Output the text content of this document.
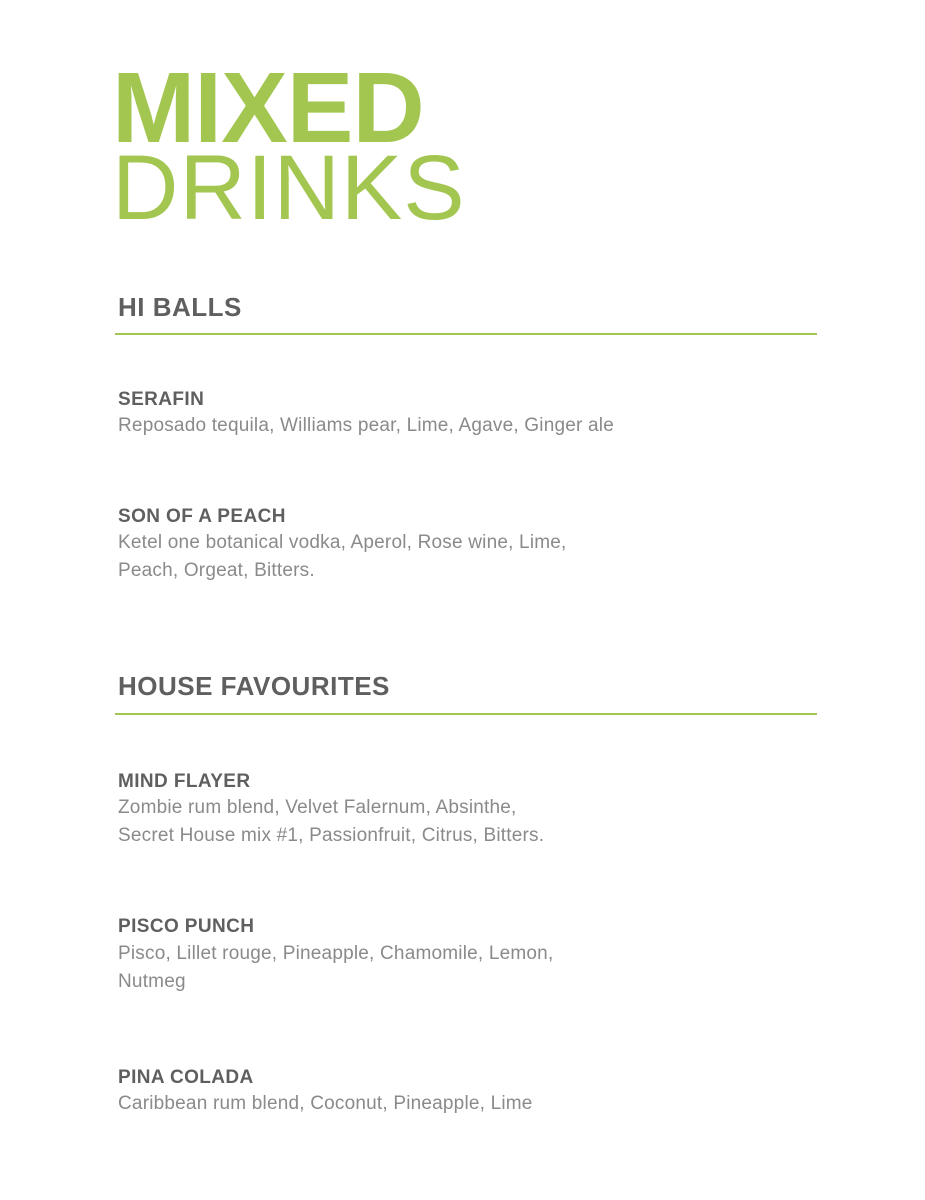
MIXED
DRINKS
HI BALLS
SERAFIN

Reposado tequila, Williams pear, Lime, Agave, Ginger ale

SON OF A PEACH

Ketel one botanical vodka, Aperol, Rose wine, Lime,
Peach, Orgeat, Bitters.

HOUSE FAVOURITES
MIND FLAYER

Zombie rum blend, Velvet Falernum, Absinthe,
Secret House mix #1, Passionfruit, Citrus, Bitters.

PISCO PUNCH

Pisco, Lillet rouge, Pineapple, Chamomile, Lemon,
Nutmeg

PINA COLADA

Caribbean rum blend, Coconut, Pineapple, Lime
